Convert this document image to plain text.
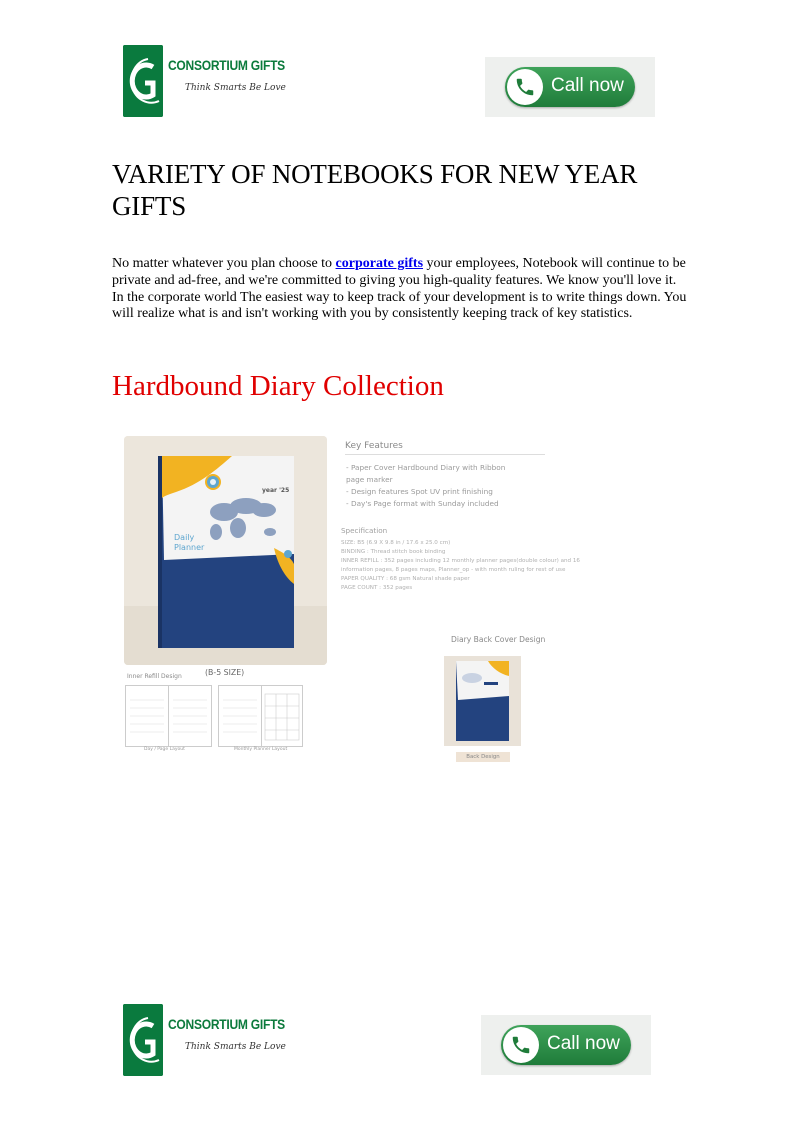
CONSORTIUM GIFTS
Think Smarts Be Love	Call now
VARIETY OF NOTEBOOKS FOR NEW YEAR GIFTS
No matter whatever you plan choose to corporate gifts your employees, Notebook will continue to be private and ad-free, and we're committed to giving you high-quality features. We know you'll love it.
In the corporate world The easiest way to keep track of your development is to write things down. You will realize what is and isn't working with you by consistently keeping track of key statistics.
Hardbound Diary Collection
year '25
Daily
Planner
Key Features
- Paper Cover Hardbound Diary with Ribbon
page marker
- Design features Spot UV print finishing
- Day's Page format with Sunday included
Specification
SIZE: B5 (6.9 X 9.8 in / 17.6 x 25.0 cm)
BINDING : Thread stitch book binding
INNER REFILL : 352 pages including 12 monthly planner pages(double colour) and 16
information pages, 8 pages maps, Planner_op - with month ruling for rest of use
PAPER QUALITY : 68 gsm Natural shade paper
PAGE COUNT : 352 pages
Diary Back Cover Design
Back Design
Inner Refill Design	(B-5 SIZE)
Day / Page Layout	Monthly Planner Layout
CONSORTIUM GIFTS
Think Smarts Be Love	Call now
